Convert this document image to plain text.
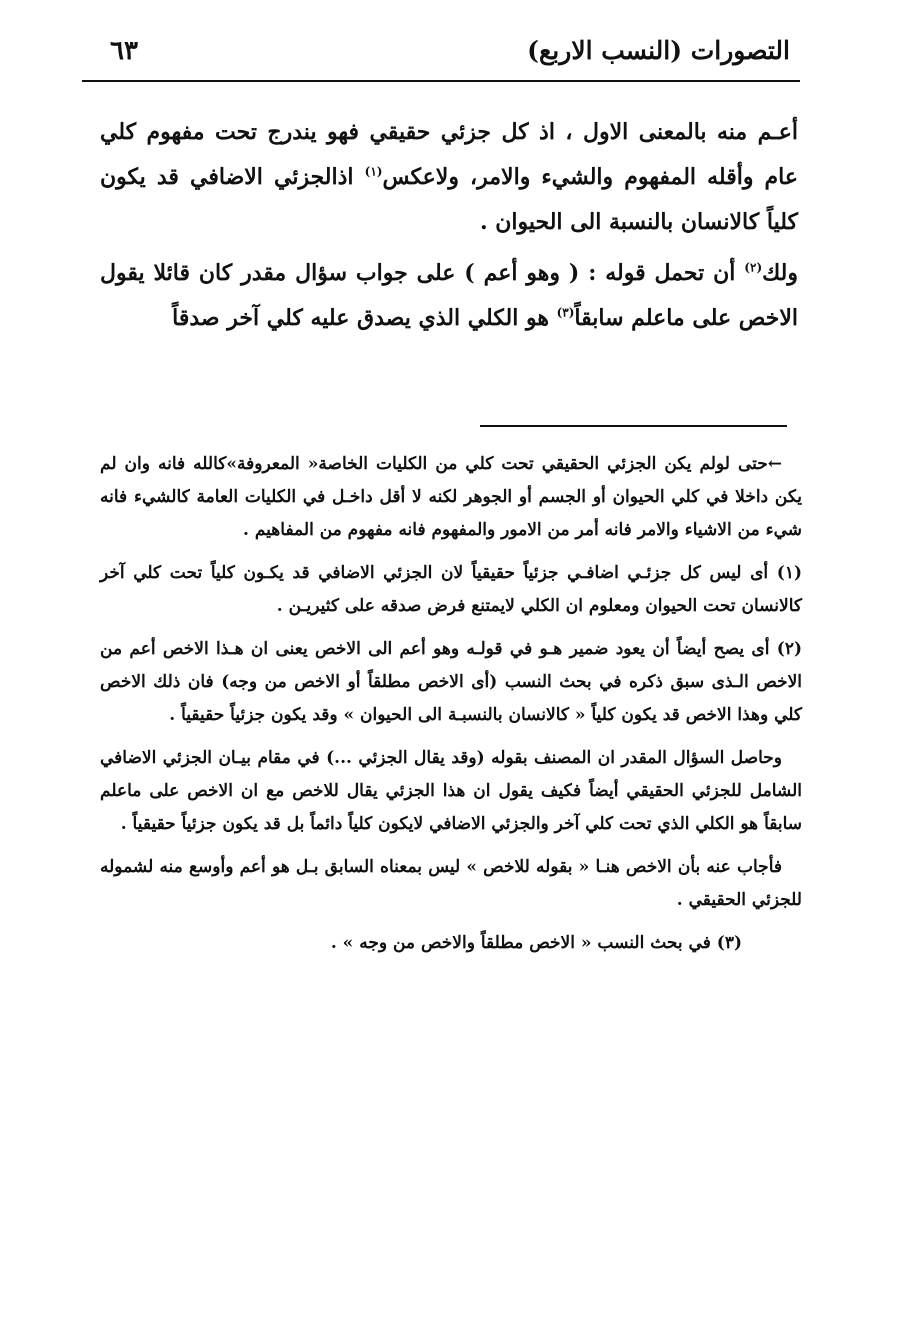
التصورات (النسب الاربع)
٦٣

أعـم منه بالمعنى الاول ، اذ كل جزئي حقيقي فهو يندرج تحت مفهوم كلي عام وأقله المفهوم والشيء والامر، ولاعكس$^{(١)}$ اذالجزئي الاضافي قد يكون كلياً كالانسان بالنسبة الى الحيوان .

ولك$^{(٢)}$ أن تحمل قوله : ( وهو أعم ) على جواب سؤال مقدر كان قائلا يقول الاخص على ماعلم سابقاً$^{(٣)}$ هو الكلي الذي يصدق عليه كلي آخر صدقاً

←حتى لولم يكن الجزئي الحقيقي تحت كلي من الكليات الخاصة« المعروفة»كالله فانه وان لم يكن داخلا في كلي الحيوان أو الجسم أو الجوهر لكنه لا أقل داخـل في الكليات العامة كالشيء فانه شيء من الاشياء والامر فانه أمر من الامور والمفهوم فانه مفهوم من المفاهيم .

(١) أى ليس كل جزئـي اضافـي جزئياً حقيقياً لان الجزئي الاضافي قد يكـون كلياً تحت كلي آخر كالانسان تحت الحيوان ومعلوم ان الكلي لايمتنع فرض صدقه على كثيريـن .

(٢) أى يصح أيضاً أن يعود ضمير هـو في قولـه وهو أعم الى الاخص يعنى ان هـذا الاخص أعم من الاخص الـذى سبق ذكره في بحث النسب (أى الاخص مطلقاً أو الاخص من وجه) فان ذلك الاخص كلي وهذا الاخص قد يكون كلياً « كالانسان بالنسبـة الى الحيوان » وقد يكون جزئياً حقيقياً .

وحاصل السؤال المقدر ان المصنف بقوله (وقد يقال الجزئي ...) في مقام بيـان الجزئي الاضافي الشامل للجزئي الحقيقي أيضاً فكيف يقول ان هذا الجزئي يقال للاخص مع ان الاخص على ماعلم سابقاً هو الكلي الذي تحت كلي آخر والجزئي الاضافي لايكون كلياً دائماً بل قد يكون جزئياً حقيقياً .

فأجاب عنه بأن الاخص هنـا « بقوله للاخص » ليس بمعناه السابق بـل هو أعم وأوسع منه لشموله للجزئي الحقيقي .

(٣) في بحث النسب « الاخص مطلقاً والاخص من وجه » .
